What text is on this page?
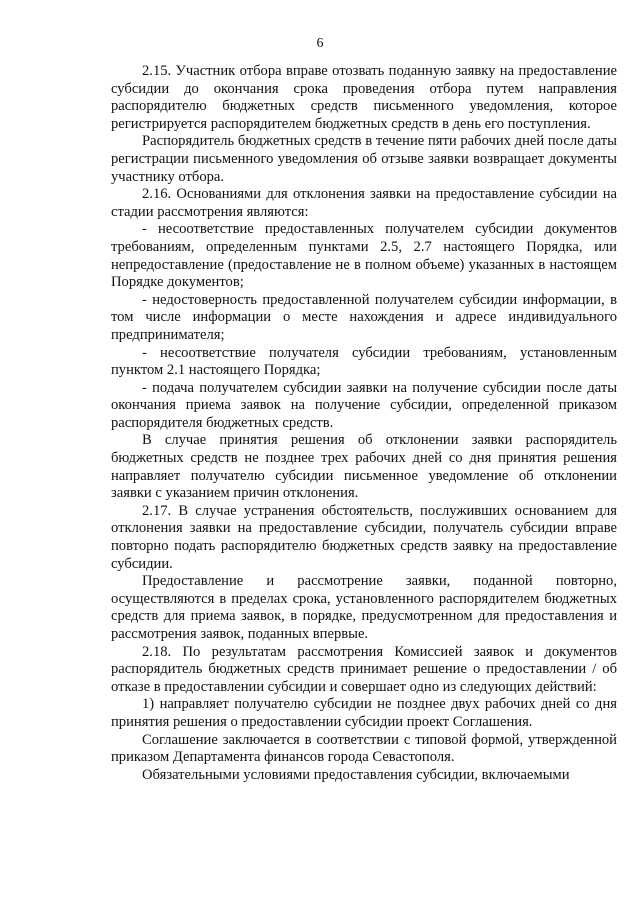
6

2.15. Участник отбора вправе отозвать поданную заявку на предоставление субсидии до окончания срока проведения отбора путем направления распорядителю бюджетных средств письменного уведомления, которое регистрируется распорядителем бюджетных средств в день его поступления.

Распорядитель бюджетных средств в течение пяти рабочих дней после даты регистрации письменного уведомления об отзыве заявки возвращает документы участнику отбора.

2.16. Основаниями для отклонения заявки на предоставление субсидии на стадии рассмотрения являются:

- несоответствие предоставленных получателем субсидии документов требованиям, определенным пунктами 2.5, 2.7 настоящего Порядка, или непредоставление (предоставление не в полном объеме) указанных в настоящем Порядке документов;

- недостоверность предоставленной получателем субсидии информации, в том числе информации о месте нахождения и адресе индивидуального предпринимателя;

- несоответствие получателя субсидии требованиям, установленным пунктом 2.1 настоящего Порядка;

- подача получателем субсидии заявки на получение субсидии после даты окончания приема заявок на получение субсидии, определенной приказом распорядителя бюджетных средств.

В случае принятия решения об отклонении заявки распорядитель бюджетных средств не позднее трех рабочих дней со дня принятия решения направляет получателю субсидии письменное уведомление об отклонении заявки с указанием причин отклонения.

2.17. В случае устранения обстоятельств, послуживших основанием для отклонения заявки на предоставление субсидии, получатель субсидии вправе повторно подать распорядителю бюджетных средств заявку на предоставление субсидии.

Предоставление и рассмотрение заявки, поданной повторно, осуществляются в пределах срока, установленного распорядителем бюджетных средств для приема заявок, в порядке, предусмотренном для предоставления и рассмотрения заявок, поданных впервые.

2.18. По результатам рассмотрения Комиссией заявок и документов распорядитель бюджетных средств принимает решение о предоставлении / об отказе в предоставлении субсидии и совершает одно из следующих действий:

1) направляет получателю субсидии не позднее двух рабочих дней со дня принятия решения о предоставлении субсидии проект Соглашения.

Соглашение заключается в соответствии с типовой формой, утвержденной приказом Департамента финансов города Севастополя.

Обязательными условиями предоставления субсидии, включаемыми
